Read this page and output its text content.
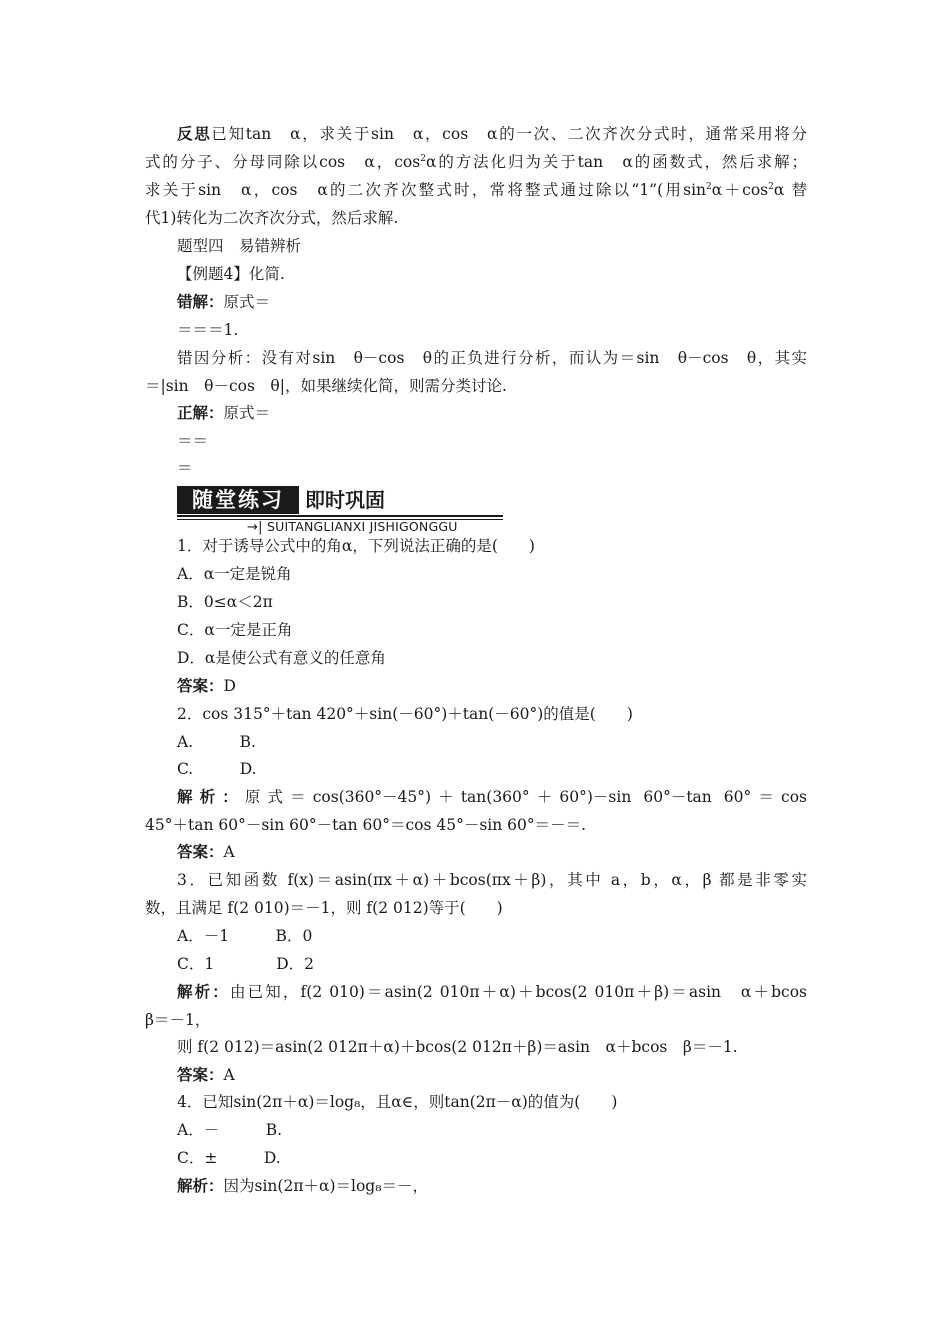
反思已知tan　α，求关于sin　α，cos　α的一次、二次齐次分式时，通常采用将分
式的分子、分母同除以cos　α，$\cos^2\alpha$的方法化归为关于tan　α的函数式，然后求解；
求关于sin　α，cos　α的二次齐次整式时，常将整式通过除以“1”(用$\sin^2\alpha+\cos^2\alpha$ 替
代1)转化为二次齐次分式，然后求解.
题型四　易错辨析
【例题4】化简.
错解：原式＝
＝＝＝1.
错因分析：没有对sin　θ－cos　θ的正负进行分析，而认为＝sin　θ－cos　θ，其实
＝|sin　θ－cos　θ|，如果继续化简，则需分类讨论.
正解：原式＝
＝＝
＝
随堂练习	即时巩固
→| SUITANGLIANXI JISHIGONGGU
1．对于诱导公式中的角α，下列说法正确的是(　　)
A．α一定是锐角
B．0≤α＜2π
C．α一定是正角
D．α是使公式有意义的任意角
答案：D
2．cos 315°＋tan 420°＋sin(－60°)＋tan(－60°)的值是(　　)
A.　　　B.
C.　　　D.
解析：原式＝cos(360°－45°)＋tan(360°＋60°)－sin 60°－tan 60°＝cos
45°＋tan 60°－sin 60°－tan 60°＝cos 45°－sin 60°＝－＝.
答案：A
3．已知函数 f(x)＝asin(πx＋α)＋bcos(πx＋β)，其中 a，b，α，β 都是非零实
数，且满足 f(2 010)＝－1，则 f(2 012)等于(　　)
A．－1　　　B．0
C．1　　　　D．2
解析：由已知，f(2 010)＝asin(2 010π＋α)＋bcos(2 010π＋β)＝asin　α＋bcos
β＝－1，
则 f(2 012)＝asin(2 012π＋α)＋bcos(2 012π＋β)＝asin　α＋bcos　β＝－1.
答案：A
4．已知sin(2π＋α)＝log₈，且α∈，则tan(2π－α)的值为(　　)
A．－　　　B.
C．±　　　D.
解析：因为sin(2π＋α)＝log₈＝－，
